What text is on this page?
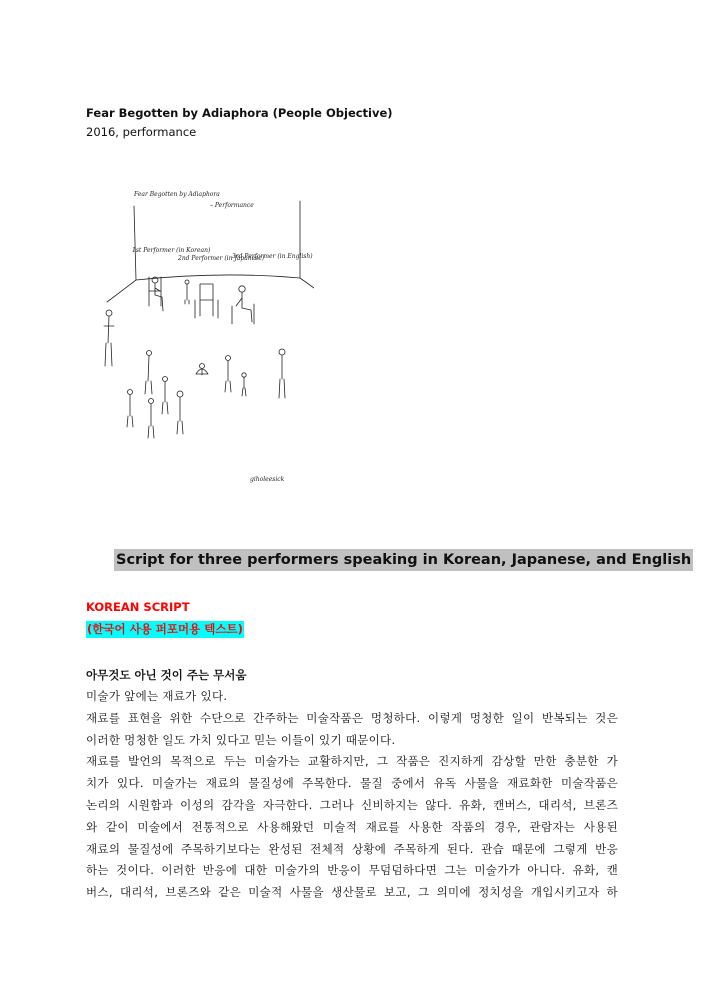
Fear Begotten by Adiaphora (People Objective)
2016, performance
Fear Begotten by Adiaphora
– Performance
1st Performer (in Korean)
2nd Performer (in Japanese)
3rd Performer (in English)
giholeesick
Script for three performers speaking in Korean, Japanese, and English
KOREAN SCRIPT
(한국어 사용 퍼포머용 텍스트)
아무것도 아닌 것이 주는 무서움
미술가 앞에는 재료가 있다.
재료를 표현을 위한 수단으로 간주하는 미술작품은 멍청하다. 이렇게 멍청한 일이 반복되는 것은
이러한 멍청한 일도 가치 있다고 믿는 이들이 있기 때문이다.
재료를 발언의 목적으로 두는 미술가는 교활하지만, 그 작품은 진지하게 감상할 만한 충분한 가
치가 있다. 미술가는 재료의 물질성에 주목한다. 물질 중에서 유독 사물을 재료화한 미술작품은
논리의 시원함과 이성의 감각을 자극한다. 그러나 신비하지는 않다. 유화, 캔버스, 대리석, 브론즈
와 같이 미술에서 전통적으로 사용해왔던 미술적 재료를 사용한 작품의 경우, 관람자는 사용된
재료의 물질성에 주목하기보다는 완성된 전체적 상황에 주목하게 된다. 관습 때문에 그렇게 반응
하는 것이다. 이러한 반응에 대한 미술가의 반응이 무덤덤하다면 그는 미술가가 아니다. 유화, 캔
버스, 대리석, 브론즈와 같은 미술적 사물을 생산물로 보고, 그 의미에 정치성을 개입시키고자 하
